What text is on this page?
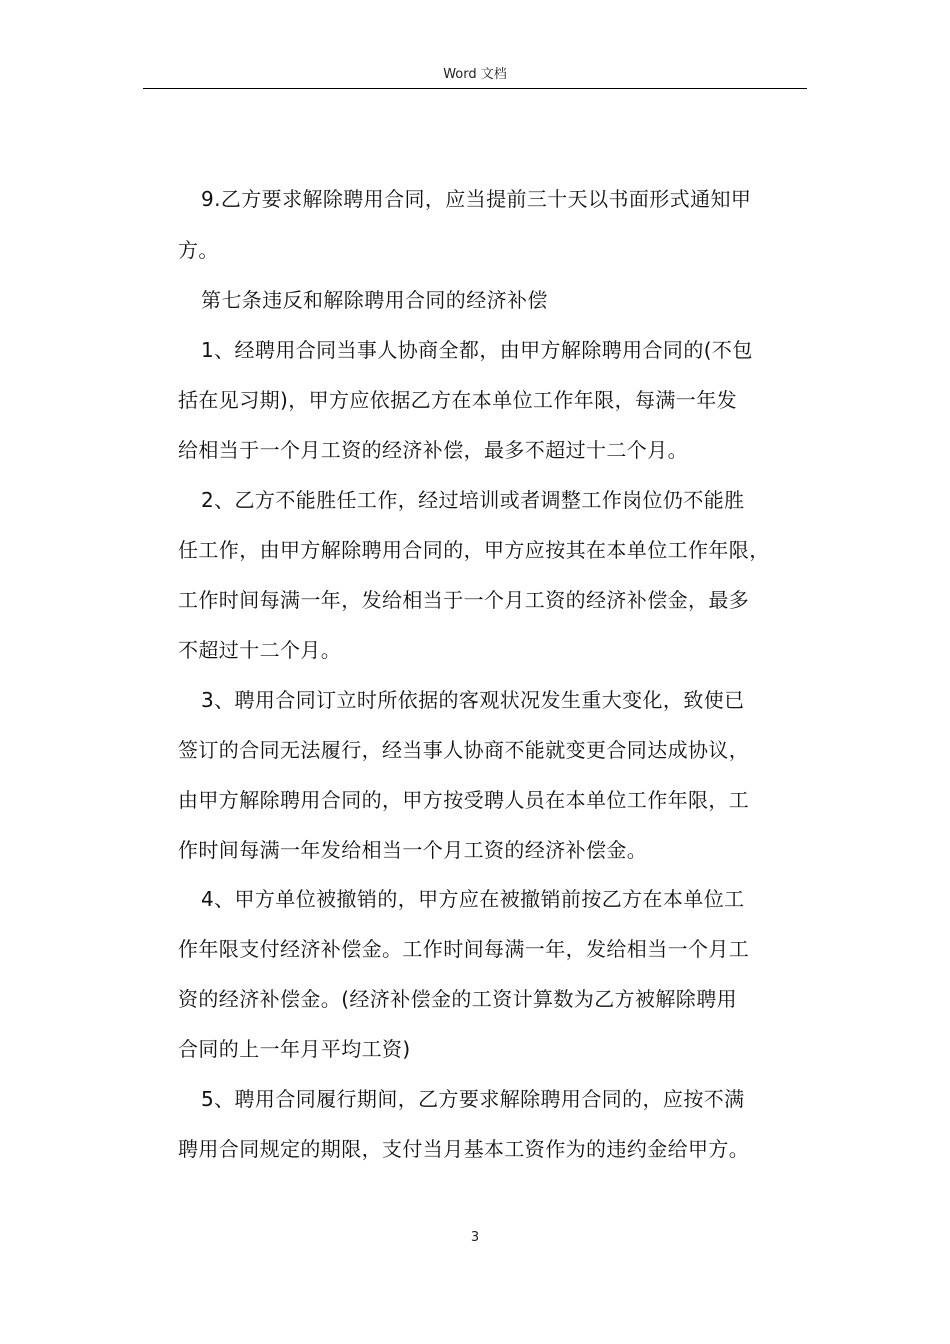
Word 文档
9.乙方要求解除聘用合同，应当提前三十天以书面形式通知甲
方。
第七条违反和解除聘用合同的经济补偿
1、经聘用合同当事人协商全都，由甲方解除聘用合同的(不包
括在见习期)，甲方应依据乙方在本单位工作年限，每满一年发
给相当于一个月工资的经济补偿，最多不超过十二个月。
2、乙方不能胜任工作，经过培训或者调整工作岗位仍不能胜
任工作，由甲方解除聘用合同的，甲方应按其在本单位工作年限，
工作时间每满一年，发给相当于一个月工资的经济补偿金，最多
不超过十二个月。
3、聘用合同订立时所依据的客观状况发生重大变化，致使已
签订的合同无法履行，经当事人协商不能就变更合同达成协议，
由甲方解除聘用合同的，甲方按受聘人员在本单位工作年限，工
作时间每满一年发给相当一个月工资的经济补偿金。
4、甲方单位被撤销的，甲方应在被撤销前按乙方在本单位工
作年限支付经济补偿金。工作时间每满一年，发给相当一个月工
资的经济补偿金。(经济补偿金的工资计算数为乙方被解除聘用
合同的上一年月平均工资)
5、聘用合同履行期间，乙方要求解除聘用合同的，应按不满
聘用合同规定的期限，支付当月基本工资作为的违约金给甲方。
3
